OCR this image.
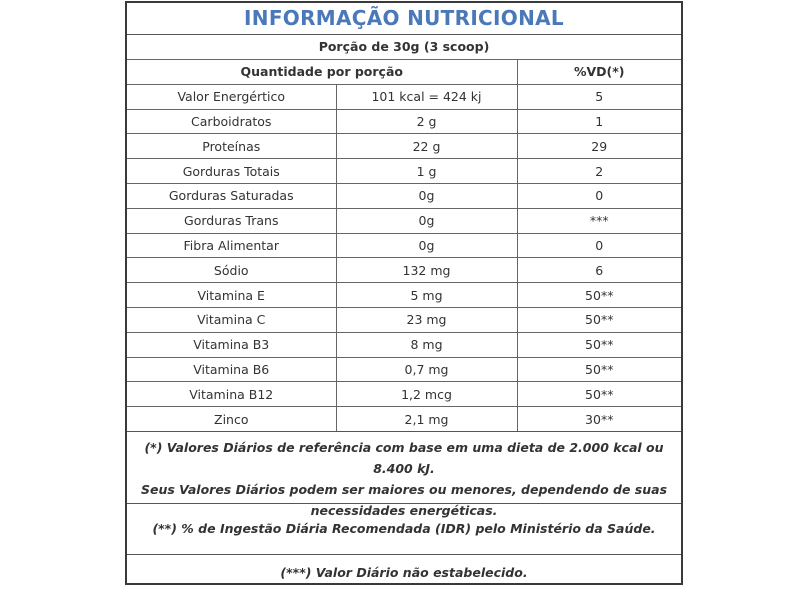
INFORMAÇÃO NUTRICIONAL
Porção de 30g (3 scoop)
Quantidade por porção		%VD(*)
Valor Energértico	101 kcal = 424 kj	5
Carboidratos	2 g	1
Proteínas	22 g	29
Gorduras Totais	1 g	2
Gorduras Saturadas	0g	0
Gorduras Trans	0g	***
Fibra Alimentar	0g	0
Sódio	132 mg	6
Vitamina E	5 mg	50**
Vitamina C	23 mg	50**
Vitamina B3	8 mg	50**
Vitamina B6	0,7 mg	50**
Vitamina B12	1,2 mcg	50**
Zinco	2,1 mg	30**
(*) Valores Diários de referência com base em uma dieta de 2.000 kcal ou 8.400 kJ.
Seus Valores Diários podem ser maiores ou menores, dependendo de suas
necessidades energéticas.
(**) % de Ingestão Diária Recomendada (IDR) pelo Ministério da Saúde.
(***) Valor Diário não estabelecido.
